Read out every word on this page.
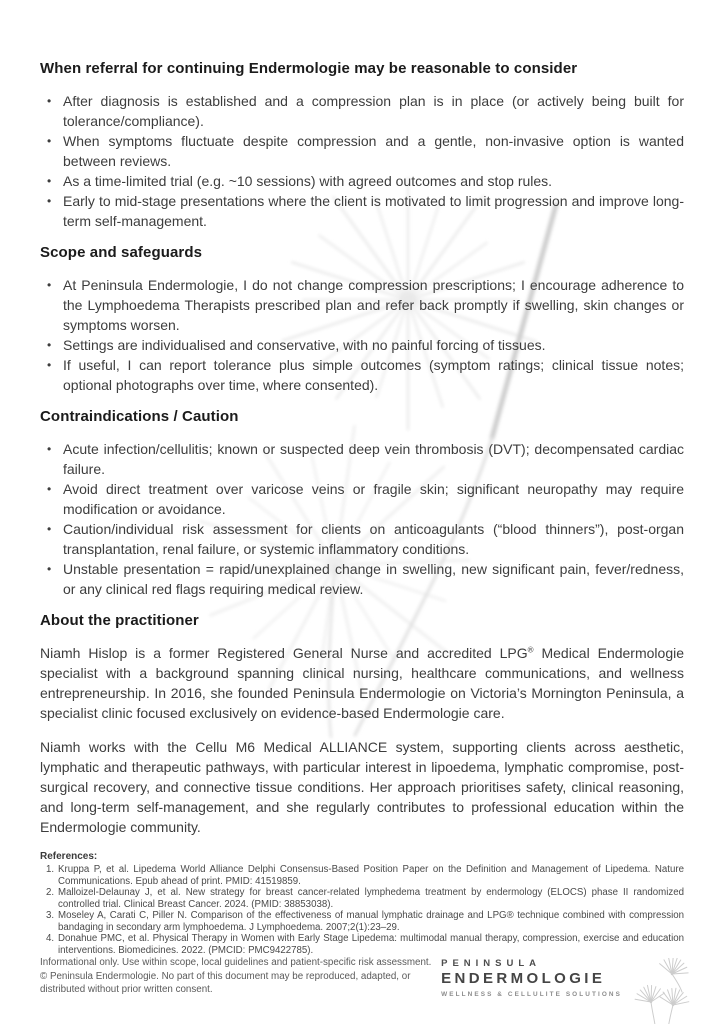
When referral for continuing Endermologie may be reasonable to consider
• After diagnosis is established and a compression plan is in place (or actively being built for tolerance/compliance).
• When symptoms fluctuate despite compression and a gentle, non-invasive option is wanted between reviews.
• As a time-limited trial (e.g. ~10 sessions) with agreed outcomes and stop rules.
• Early to mid-stage presentations where the client is motivated to limit progression and improve long-term self-management.
Scope and safeguards
• At Peninsula Endermologie, I do not change compression prescriptions; I encourage adherence to the Lymphoedema Therapists prescribed plan and refer back promptly if swelling, skin changes or symptoms worsen.
• Settings are individualised and conservative, with no painful forcing of tissues.
• If useful, I can report tolerance plus simple outcomes (symptom ratings; clinical tissue notes; optional photographs over time, where consented).
Contraindications / Caution
• Acute infection/cellulitis; known or suspected deep vein thrombosis (DVT); decompensated cardiac failure.
• Avoid direct treatment over varicose veins or fragile skin; significant neuropathy may require modification or avoidance.
• Caution/individual risk assessment for clients on anticoagulants (“blood thinners”), post-organ transplantation, renal failure, or systemic inflammatory conditions.
• Unstable presentation = rapid/unexplained change in swelling, new significant pain, fever/redness, or any clinical red flags requiring medical review.
About the practitioner

Niamh Hislop is a former Registered General Nurse and accredited LPG® Medical Endermologie specialist with a background spanning clinical nursing, healthcare communications, and wellness entrepreneurship. In 2016, she founded Peninsula Endermologie on Victoria’s Mornington Peninsula, a specialist clinic focused exclusively on evidence-based Endermologie care.

Niamh works with the Cellu M6 Medical ALLIANCE system, supporting clients across aesthetic, lymphatic and therapeutic pathways, with particular interest in lipoedema, lymphatic compromise, post-surgical recovery, and connective tissue conditions. Her approach prioritises safety, clinical reasoning, and long-term self-management, and she regularly contributes to professional education within the Endermologie community.

References:
Kruppa P, et al. Lipedema World Alliance Delphi Consensus-Based Position Paper on the Definition and Management of Lipedema. Nature Communications. Epub ahead of print. PMID: 41519859.
Malloizel-Delaunay J, et al. New strategy for breast cancer-related lymphedema treatment by endermology (ELOCS) phase II randomized controlled trial. Clinical Breast Cancer. 2024. (PMID: 38853038).
Moseley A, Carati C, Piller N. Comparison of the effectiveness of manual lymphatic drainage and LPG® technique combined with compression bandaging in secondary arm lymphoedema. J Lymphoedema. 2007;2(1):23–29.
Donahue PMC, et al. Physical Therapy in Women with Early Stage Lipedema: multimodal manual therapy, compression, exercise and education interventions. Biomedicines. 2022. (PMCID: PMC9422785).
Informational only. Use within scope, local guidelines and patient-specific risk assessment.
© Peninsula Endermologie. No part of this document may be reproduced, adapted, or
distributed without prior written consent.
PENINSULA
ENDERMOLOGIE
WELLNESS & CELLULITE SOLUTIONS
